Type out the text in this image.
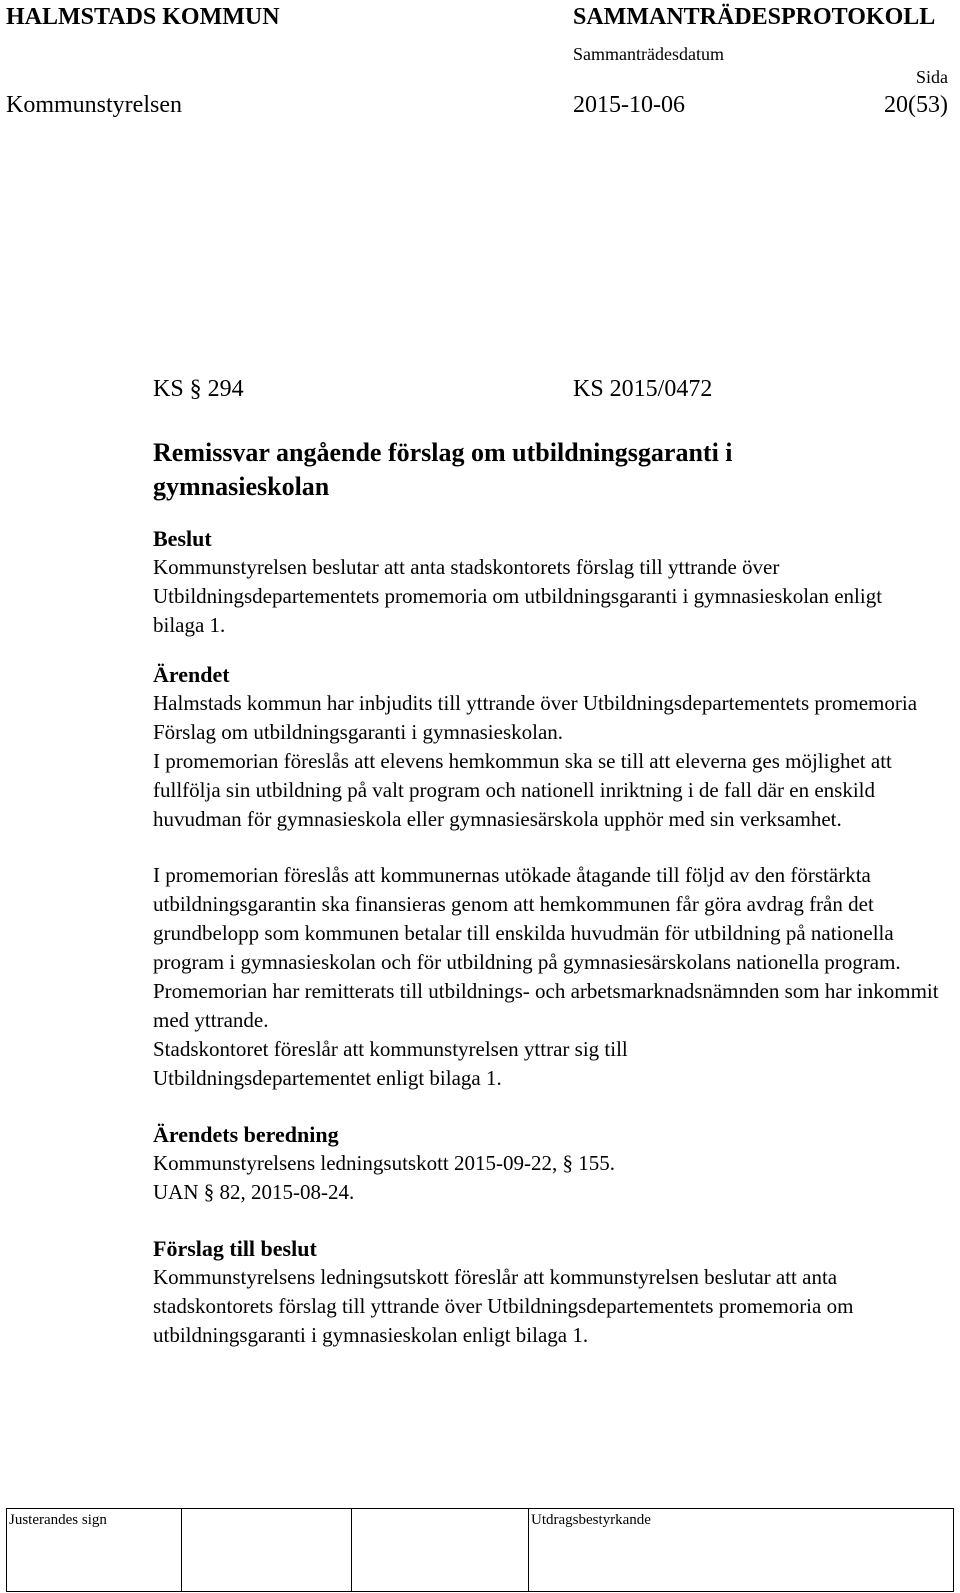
HALMSTADS KOMMUN	SAMMANTRÄDESPROTOKOLL
Sammanträdesdatum
Sida
Kommunstyrelsen	2015-10-06	20(53)
KS § 294	KS 2015/0472

Remissvar angående förslag om utbildningsgaranti i gymnasieskolan

Beslut

Kommunstyrelsen beslutar att anta stadskontorets förslag till yttrande över Utbildningsdepartementets promemoria om utbildningsgaranti i gymnasieskolan enligt bilaga 1.

Ärendet

Halmstads kommun har inbjudits till yttrande över Utbildningsdepartementets promemoria Förslag om utbildningsgaranti i gymnasieskolan.

I promemorian föreslås att elevens hemkommun ska se till att eleverna ges möjlighet att fullfölja sin utbildning på valt program och nationell inriktning i de fall där en enskild huvudman för gymnasieskola eller gymnasiesärskola upphör med sin verksamhet.

I promemorian föreslås att kommunernas utökade åtagande till följd av den förstärkta utbildningsgarantin ska finansieras genom att hemkommunen får göra avdrag från det grundbelopp som kommunen betalar till enskilda huvudmän för utbildning på nationella program i gymnasieskolan och för utbildning på gymnasiesärskolans nationella program.

Promemorian har remitterats till utbildnings- och arbetsmarknadsnämnden som har inkommit med yttrande.

Stadskontoret föreslår att kommunstyrelsen yttrar sig till Utbildningsdepartementet enligt bilaga 1.

Ärendets beredning

Kommunstyrelsens ledningsutskott 2015-09-22, § 155.

UAN § 82, 2015-08-24.

Förslag till beslut

Kommunstyrelsens ledningsutskott föreslår att kommunstyrelsen beslutar att anta stadskontorets förslag till yttrande över Utbildningsdepartementets promemoria om utbildningsgaranti i gymnasieskolan enligt bilaga 1.

Justerandes sign			Utdragsbestyrkande
